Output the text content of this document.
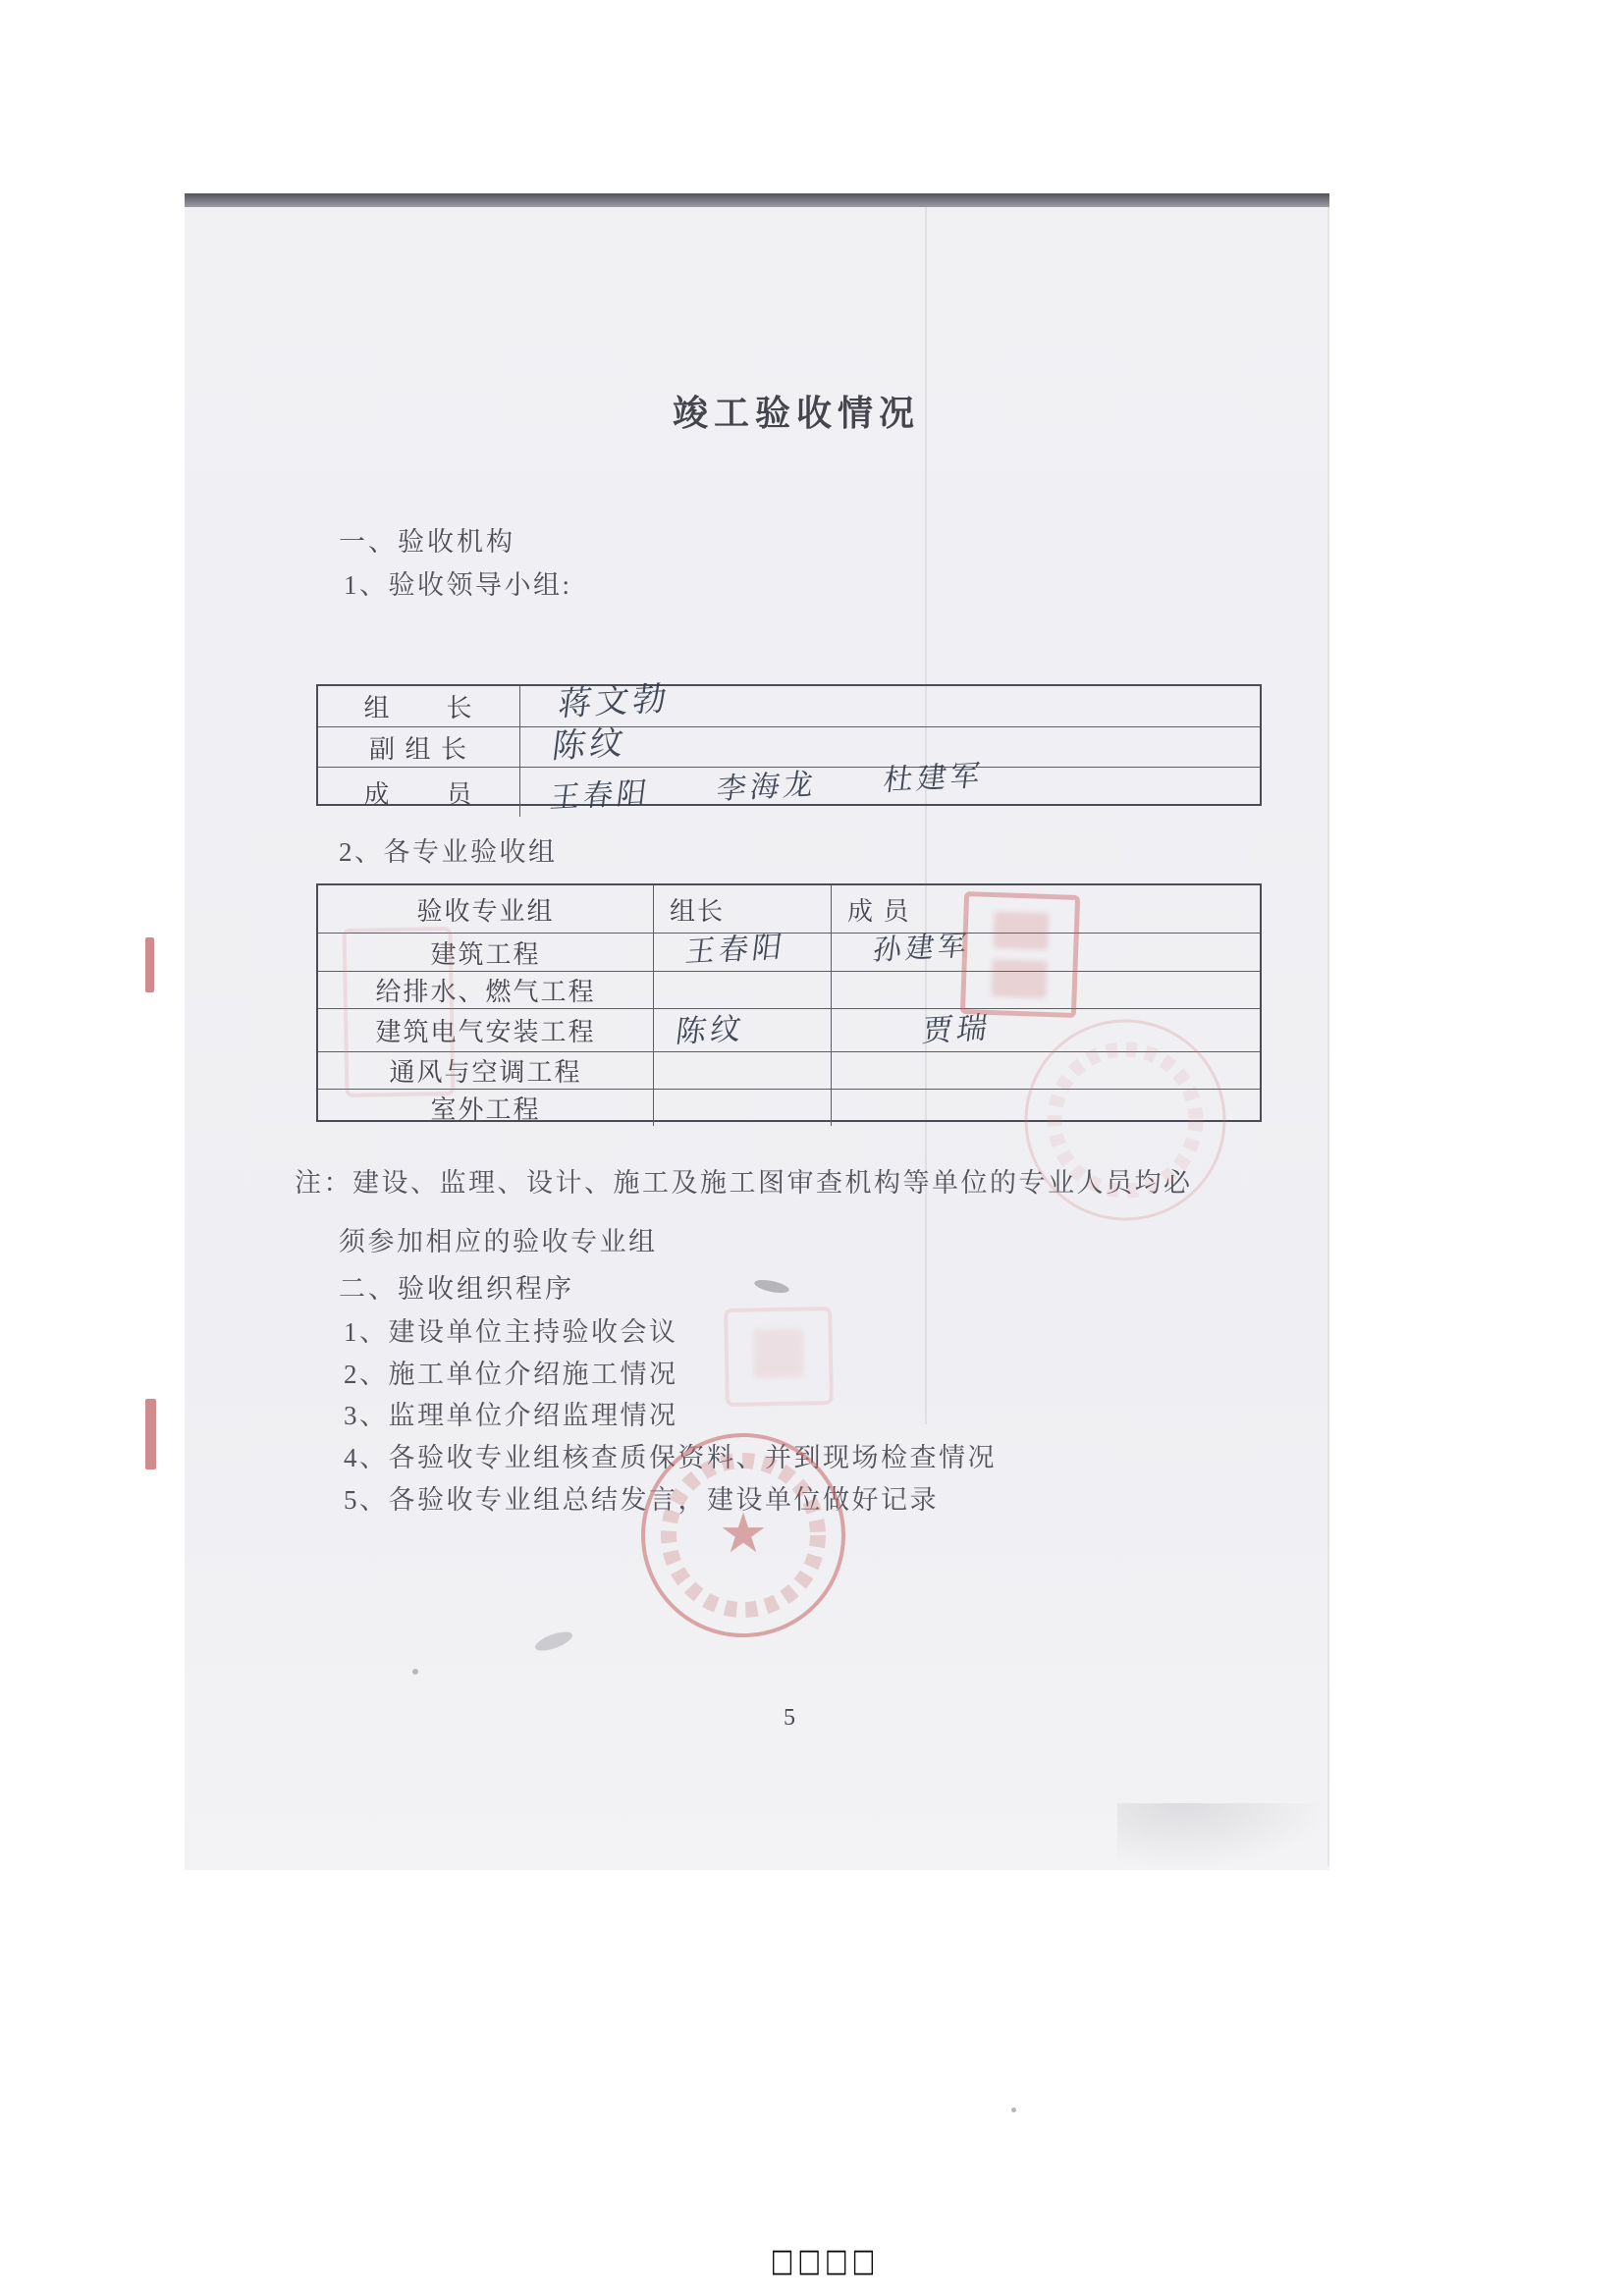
竣工验收情况
一、验收机构
1、验收领导小组:
组　　长	蒋文勃
副 组 长	陈纹
成　　员	王春阳　　李海龙　　杜建军
2、各专业验收组
验收专业组	组长	成 员
建筑工程	王春阳	孙建军
给排水、燃气工程
建筑电气安装工程	陈纹	贾瑞
通风与空调工程
室外工程
注：建设、监理、设计、施工及施工图审查机构等单位的专业人员均必
须参加相应的验收专业组
二、验收组织程序
1、建设单位主持验收会议
2、施工单位介绍施工情况
3、监理单位介绍监理情况
4、各验收专业组核查质保资料、并到现场检查情况
5、各验收专业组总结发言，建设单位做好记录
5
★
□□□□
